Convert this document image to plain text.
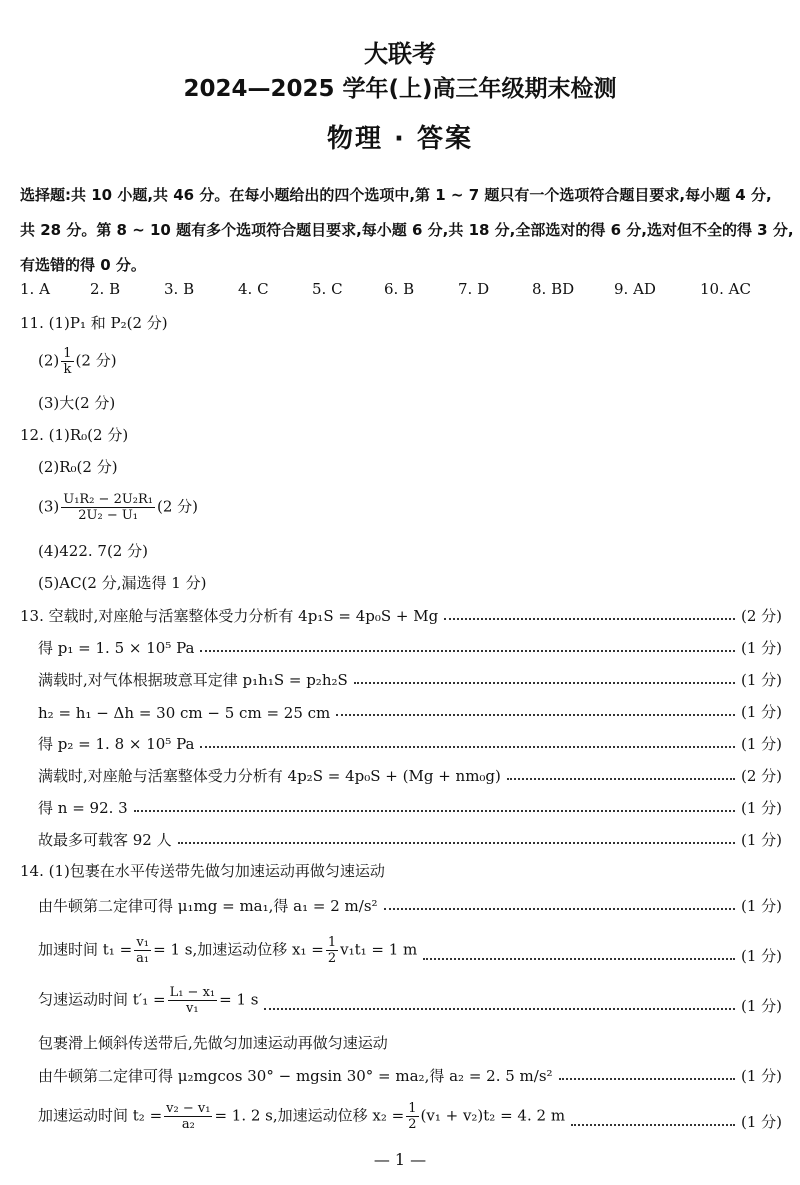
大联考
2024—2025 学年(上)高三年级期末检测
物理 · 答案
选择题:共 10 小题,共 46 分。在每小题给出的四个选项中,第 1 ~ 7 题只有一个选项符合题目要求,每小题 4 分,
共 28 分。第 8 ~ 10 题有多个选项符合题目要求,每小题 6 分,共 18 分,全部选对的得 6 分,选对但不全的得 3 分,
有选错的得 0 分。
1. A	2. B	3. B	4. C	5. C	6. B	7. D	8. BD	9. AD	10. AC
11. (1)P₁ 和 P₂(2 分)
$(2) \frac{1}{k} (2$ 分)
(3)大(2 分)
12. (1)R₀(2 分)
(2)R₀(2 分)
$(3) \frac{\text{U₁R₂ − 2U₂R₁}}{\text{2U₂ − U₁}} (2$ 分)
(4)422. 7(2 分)
(5)AC(2 分,漏选得 1 分)
13. 空载时,对座舱与活塞整体受力分析有 4p₁S = 4p₀S + Mg	(2 分)
得 p₁ = 1. 5 × 10⁵ Pa	(1 分)
满载时,对气体根据玻意耳定律 p₁h₁S = p₂h₂S	(1 分)
h₂ = h₁ − Δh = 30 cm − 5 cm = 25 cm	(1 分)
得 p₂ = 1. 8 × 10⁵ Pa	(1 分)
满载时,对座舱与活塞整体受力分析有 4p₂S = 4p₀S + (Mg + nm₀g)	(2 分)
得 n = 92. 3	(1 分)
故最多可载客 92 人	(1 分)
14. (1)包裹在水平传送带先做匀加速运动再做匀速运动
由牛顿第二定律可得 μ₁mg = ma₁,得 a₁ = 2 m/s²	(1 分)
加速时间 $t_1 = \frac{\text{v₁}}{\text{a₁}} = 1$ s,加速运动位移 $x_1 = \frac{1}{2} v_1t_1 = 1$ m	(1 分)
匀速运动时间 $t'_1 = \frac{\text{L₁ − x₁}}{\text{v₁}} = 1$ s	(1 分)
包裹滑上倾斜传送带后,先做匀加速运动再做匀速运动
由牛顿第二定律可得 μ₂mgcos 30° − mgsin 30° = ma₂,得 a₂ = 2. 5 m/s²	(1 分)
加速运动时间 $t_2 = \frac{\text{v₂ − v₁}}{\text{a₂}} = 1$. 2 s,加速运动位移 $x_2 = \frac{1}{2} (v_1 + v_2)t_2 = 4$. 2 m	(1 分)
— 1 —
